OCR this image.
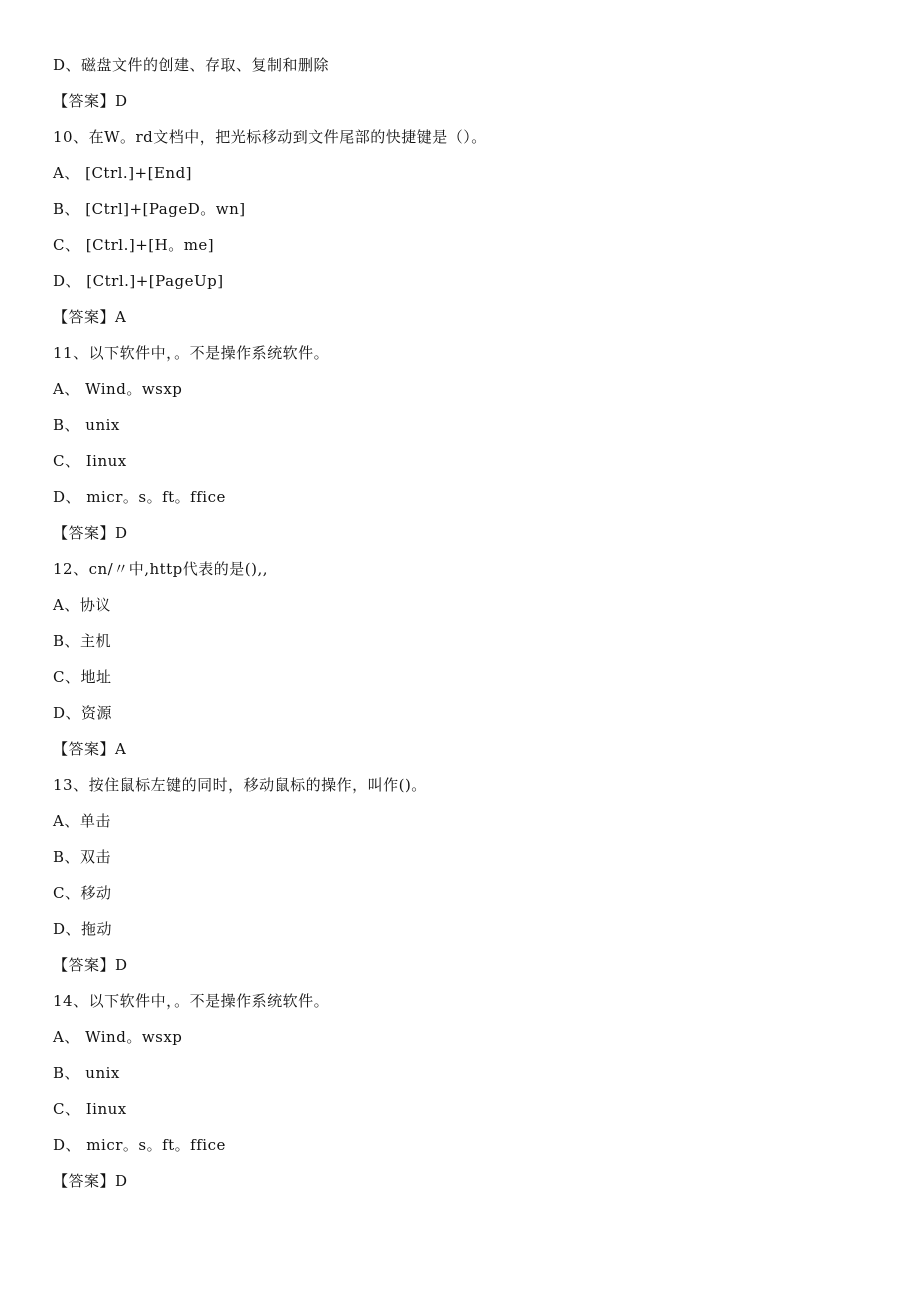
D、磁盘文件的创建、存取、复制和删除
【答案】D
10、在W。rd文档中，把光标移动到文件尾部的快捷键是（）。
A、 [Ctrl.]+[End]
B、 [Ctrl]+[PageD。wn]
C、 [Ctrl.]+[H。me]
D、 [Ctrl.]+[PageUp]
【答案】A
11、以下软件中，。不是操作系统软件。
A、 Wind。wsxp
B、 unix
C、 Iinux
D、 micr。s。ft。ffice
【答案】D
12、cn/〃中,http代表的是(),,
A、协议
B、主机
C、地址
D、资源
【答案】A
13、按住鼠标左键的同时，移动鼠标的操作，叫作()。
A、单击
B、双击
C、移动
D、拖动
【答案】D
14、以下软件中，。不是操作系统软件。
A、 Wind。wsxp
B、 unix
C、 Iinux
D、 micr。s。ft。ffice
【答案】D
